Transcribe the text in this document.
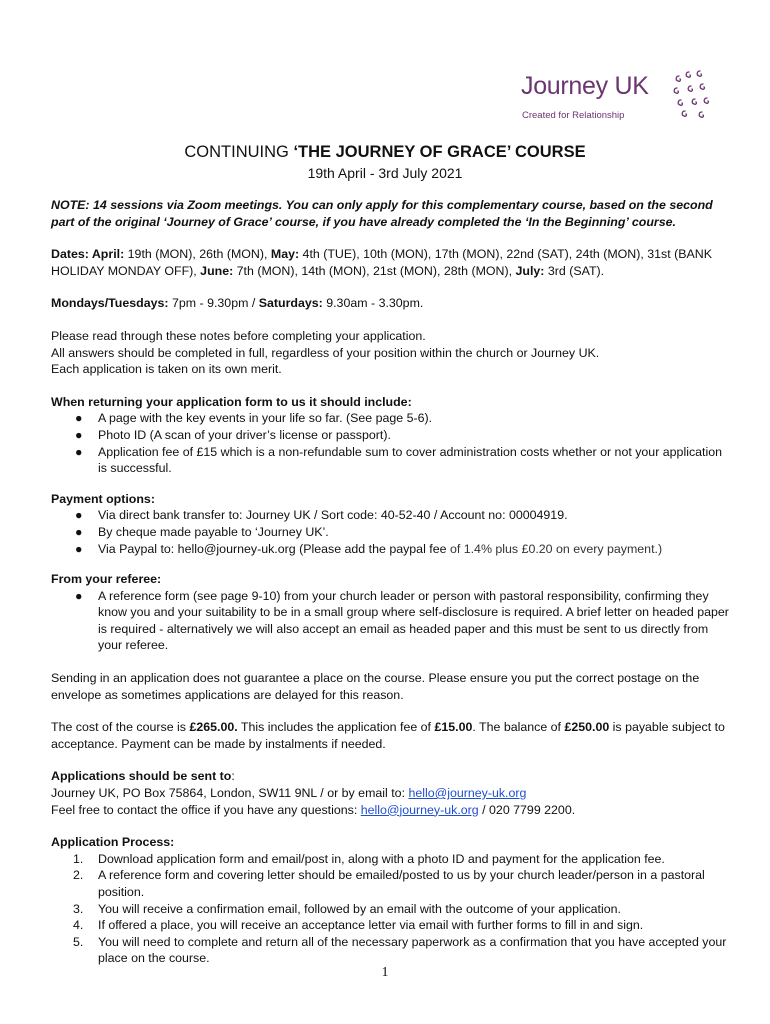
Journey UK
Created for Relationship
CONTINUING ‘THE JOURNEY OF GRACE’ COURSE
19th April - 3rd July 2021

NOTE: 14 sessions via Zoom meetings. You can only apply for this complementary course, based on the second part of the original ‘Journey of Grace’ course, if you have already completed the ‘In the Beginning’ course.

Dates: April: 19th (MON), 26th (MON), May: 4th (TUE), 10th (MON), 17th (MON), 22nd (SAT), 24th (MON), 31st (BANK HOLIDAY MONDAY OFF), June: 7th (MON), 14th (MON), 21st (MON), 28th (MON), July: 3rd (SAT).

Mondays/Tuesdays: 7pm - 9.30pm / Saturdays: 9.30am - 3.30pm.

Please read through these notes before completing your application.

All answers should be completed in full, regardless of your position within the church or Journey UK.

Each application is taken on its own merit.

When returning your application form to us it should include:

● A page with the key events in your life so far. (See page 5-6).
● Photo ID (A scan of your driver’s license or passport).
● Application fee of £15 which is a non-refundable sum to cover administration costs whether or not your application is successful.

Payment options:

● Via direct bank transfer to: Journey UK / Sort code: 40-52-40 / Account no: 00004919.
● By cheque made payable to ‘Journey UK’.
● Via Paypal to: hello@journey-uk.org (Please add the paypal fee of 1.4% plus £0.20 on every payment.)

From your referee:

● A reference form (see page 9-10) from your church leader or person with pastoral responsibility, confirming they know you and your suitability to be in a small group where self-disclosure is required. A brief letter on headed paper is required - alternatively we will also accept an email as headed paper and this must be sent to us directly from your referee.

Sending in an application does not guarantee a place on the course. Please ensure you put the correct postage on the envelope as sometimes applications are delayed for this reason.

The cost of the course is £265.00. This includes the application fee of £15.00. The balance of £250.00 is payable subject to acceptance. Payment can be made by instalments if needed.

Applications should be sent to:

Journey UK, PO Box 75864, London, SW11 9NL / or by email to: hello@journey-uk.org

Feel free to contact the office if you have any questions: hello@journey-uk.org / 020 7799 2200.

Application Process:

1. Download application form and email/post in, along with a photo ID and payment for the application fee.
2. A reference form and covering letter should be emailed/posted to us by your church leader/person in a pastoral position.
3. You will receive a confirmation email, followed by an email with the outcome of your application.
4. If offered a place, you will receive an acceptance letter via email with further forms to fill in and sign.
5. You will need to complete and return all of the necessary paperwork as a confirmation that you have accepted your place on the course.
1
